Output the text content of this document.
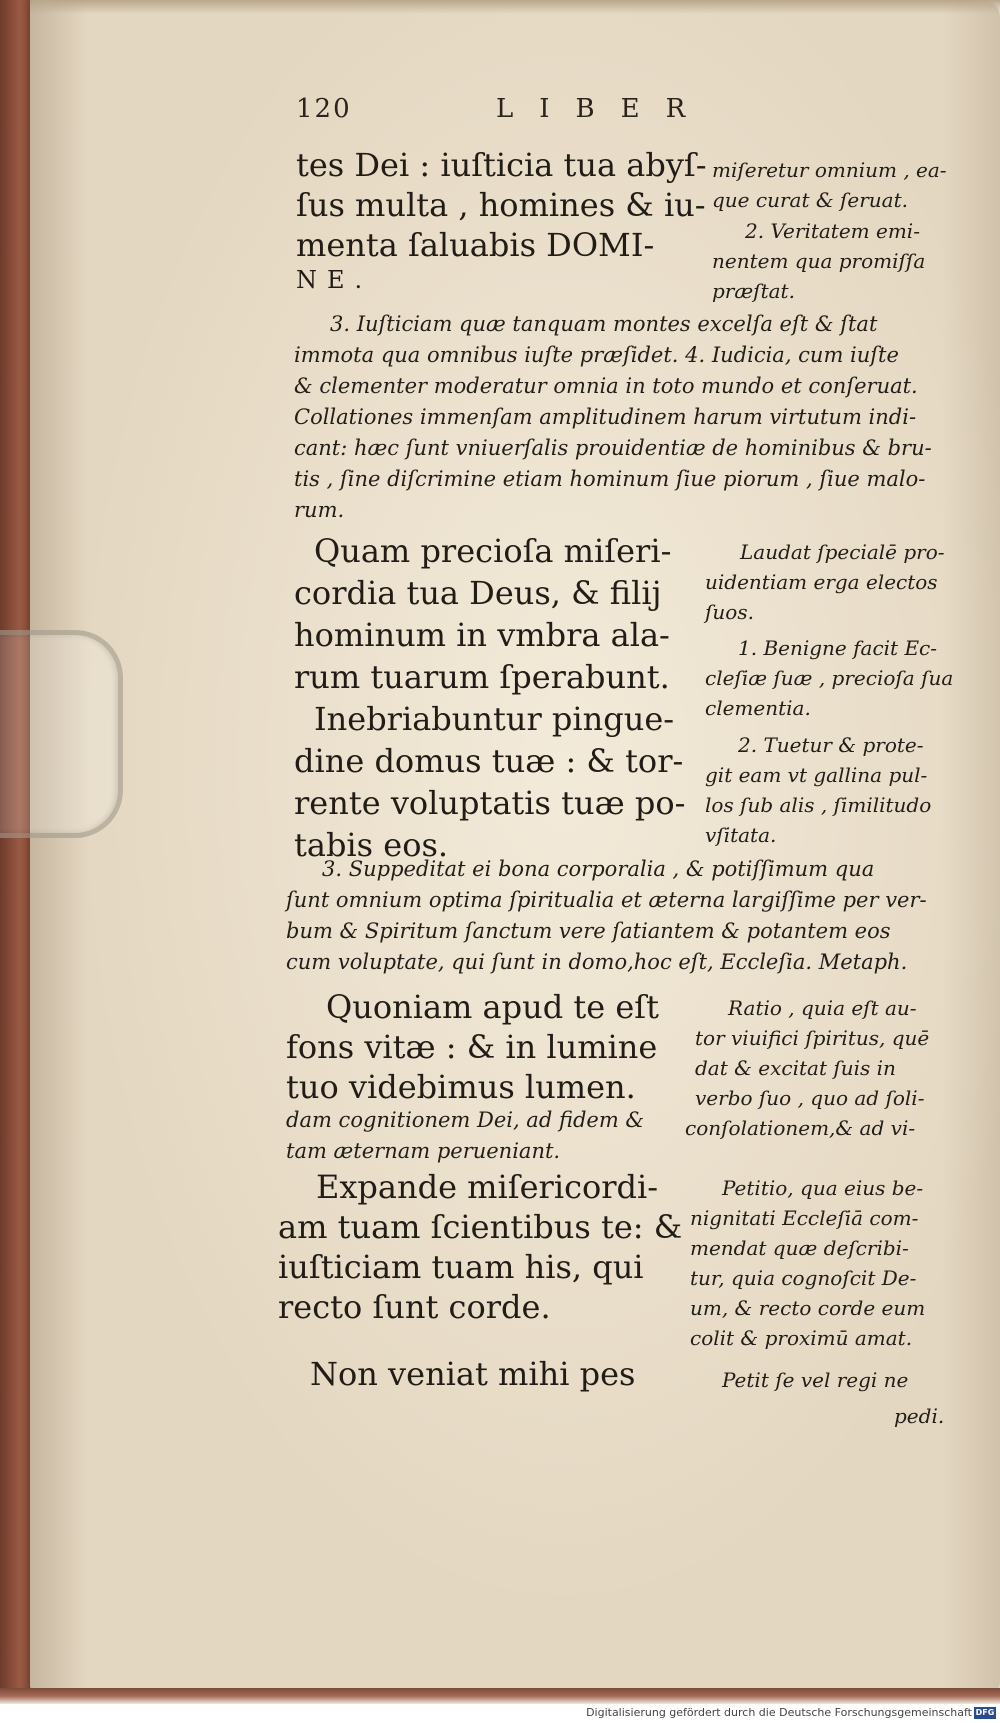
120	LIBER
tes Dei : iuſticia tua abyſ-
ſus multa , homines & iu-
menta ſaluabis DOMI-
NE.
miſeretur omnium , ea-
que curat & ſeruat.
2. Veritatem emi-
nentem qua promiſſa
præſtat.
3. Iuſticiam quæ tanquam montes excelſa eſt & ſtat
immota qua omnibus iuſte præſidet. 4. Iudicia, cum iuſte
& clementer moderatur omnia in toto mundo et conſeruat.
Collationes immenſam amplitudinem harum virtutum indi-
cant: hæc ſunt vniuerſalis prouidentiæ de hominibus & bru-
tis , ſine diſcrimine etiam hominum ſiue piorum , ſiue malo-
rum.
Quam precioſa miſeri-
cordia tua Deus, & filij
hominum in vmbra ala-
rum tuarum ſperabunt.
Inebriabuntur pingue-
dine domus tuæ : & tor-
rente voluptatis tuæ po-
tabis eos.
Laudat ſpecialē pro-
uidentiam erga electos
ſuos.
1. Benigne facit Ec-
cleſiæ ſuæ , precioſa ſua
clementia.
2. Tuetur & prote-
git eam vt gallina pul-
los ſub alis , ſimilitudo
vſitata.
3. Suppeditat ei bona corporalia , & potiſſimum qua
ſunt omnium optima ſpiritualia et æterna largiſſime per ver-
bum & Spiritum ſanctum vere ſatiantem & potantem eos
cum voluptate, qui ſunt in domo,hoc eſt, Eccleſia. Metaph.
Quoniam apud te eſt
fons vitæ : & in lumine
tuo videbimus lumen.
Ratio , quia eſt au-
tor viuifici ſpiritus, quē
dat & excitat ſuis in
verbo ſuo , quo ad ſoli-
conſolationem,& ad vi-
dam cognitionem Dei, ad fidem &
tam æternam perueniant.
Expande miſericordi-
am tuam ſcientibus te: &
iuſticiam tuam his, qui
recto ſunt corde.
Petitio, qua eius be-
nignitati Eccleſiā com-
mendat quæ deſcribi-
tur, quia cognoſcit De-
um, & recto corde eum
colit & proximū amat.
Non veniat mihi pes	Petit ſe vel regi ne
pedi.
Digitalisierung gefördert durch die Deutsche Forschungsgemeinschaft DFG
